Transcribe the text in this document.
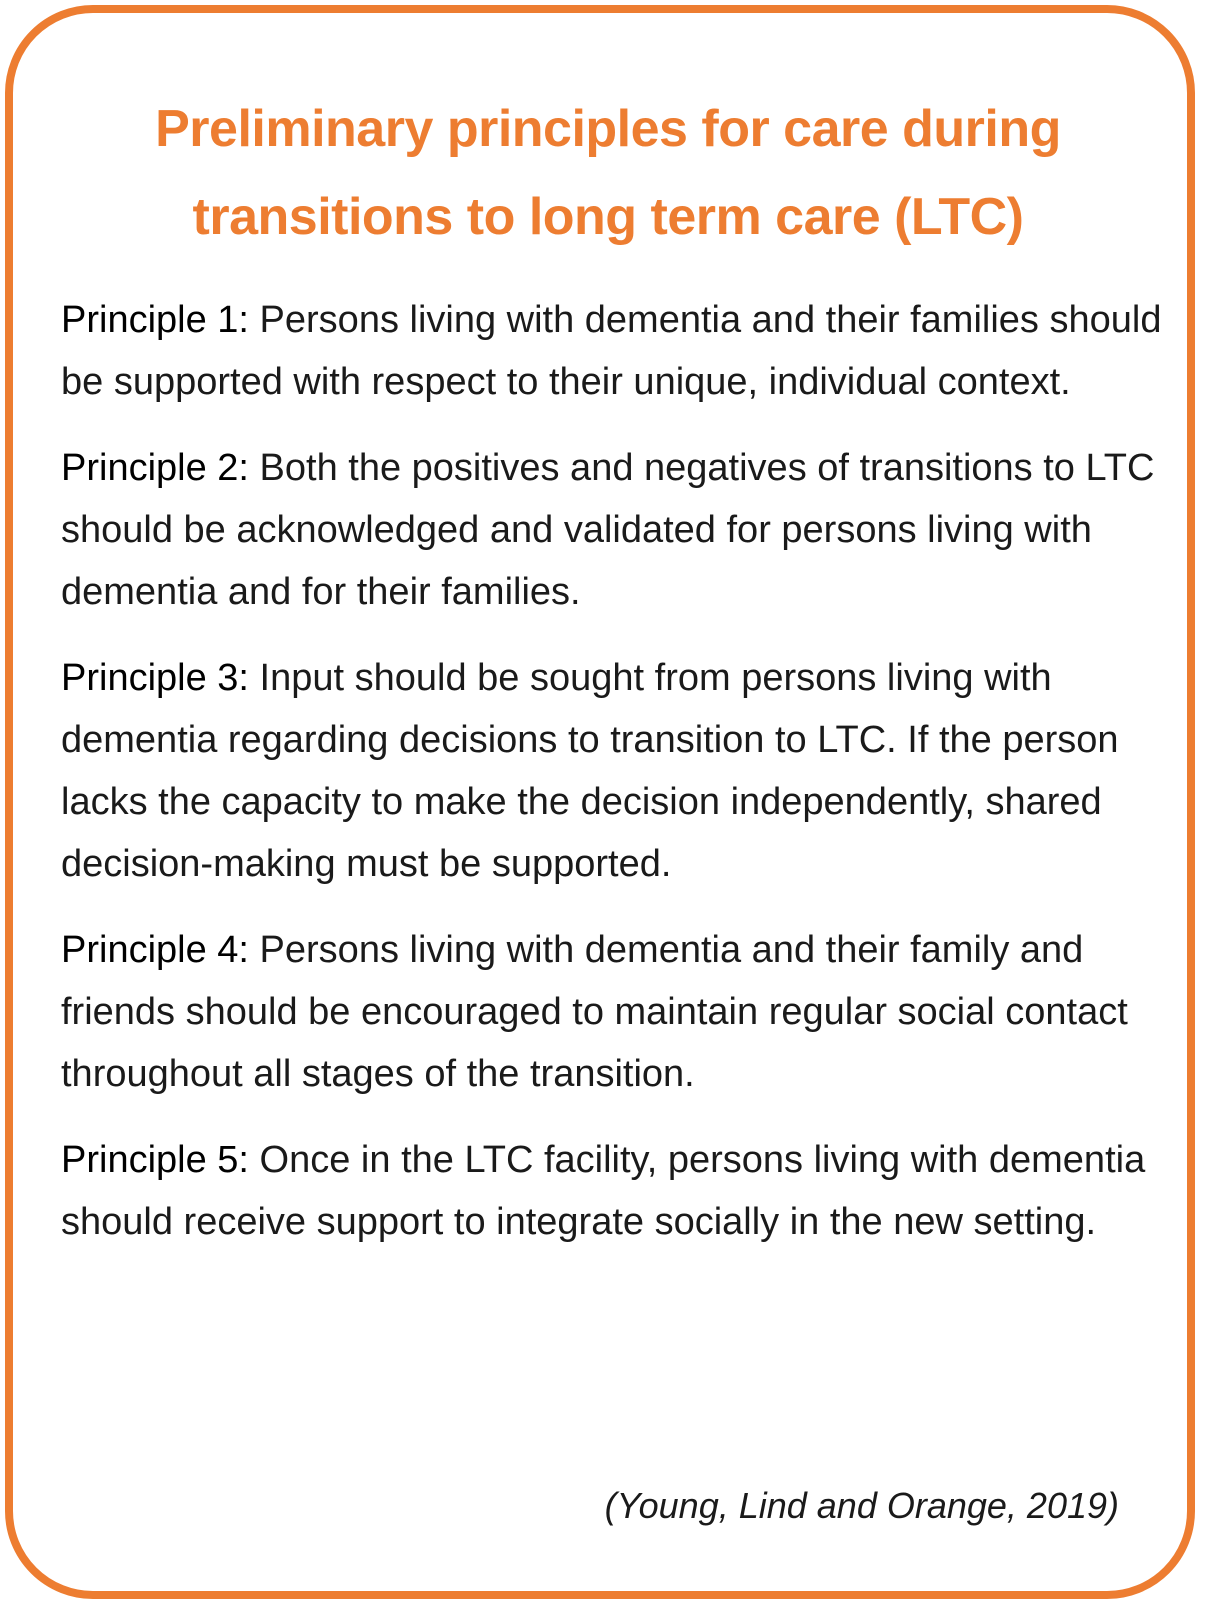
Preliminary principles for care during transitions to long term care (LTC)

Principle 1: Persons living with dementia and their families should be supported with respect to their unique, individual context.

Principle 2: Both the positives and negatives of transitions to LTC should be acknowledged and validated for persons living with dementia and for their families.

Principle 3: Input should be sought from persons living with dementia regarding decisions to transition to LTC. If the person lacks the capacity to make the decision independently, shared decision-making must be supported.

Principle 4: Persons living with dementia and their family and friends should be encouraged to maintain regular social contact throughout all stages of the transition.

Principle 5: Once in the LTC facility, persons living with dementia should receive support to integrate socially in the new setting.

(Young, Lind and Orange, 2019)
